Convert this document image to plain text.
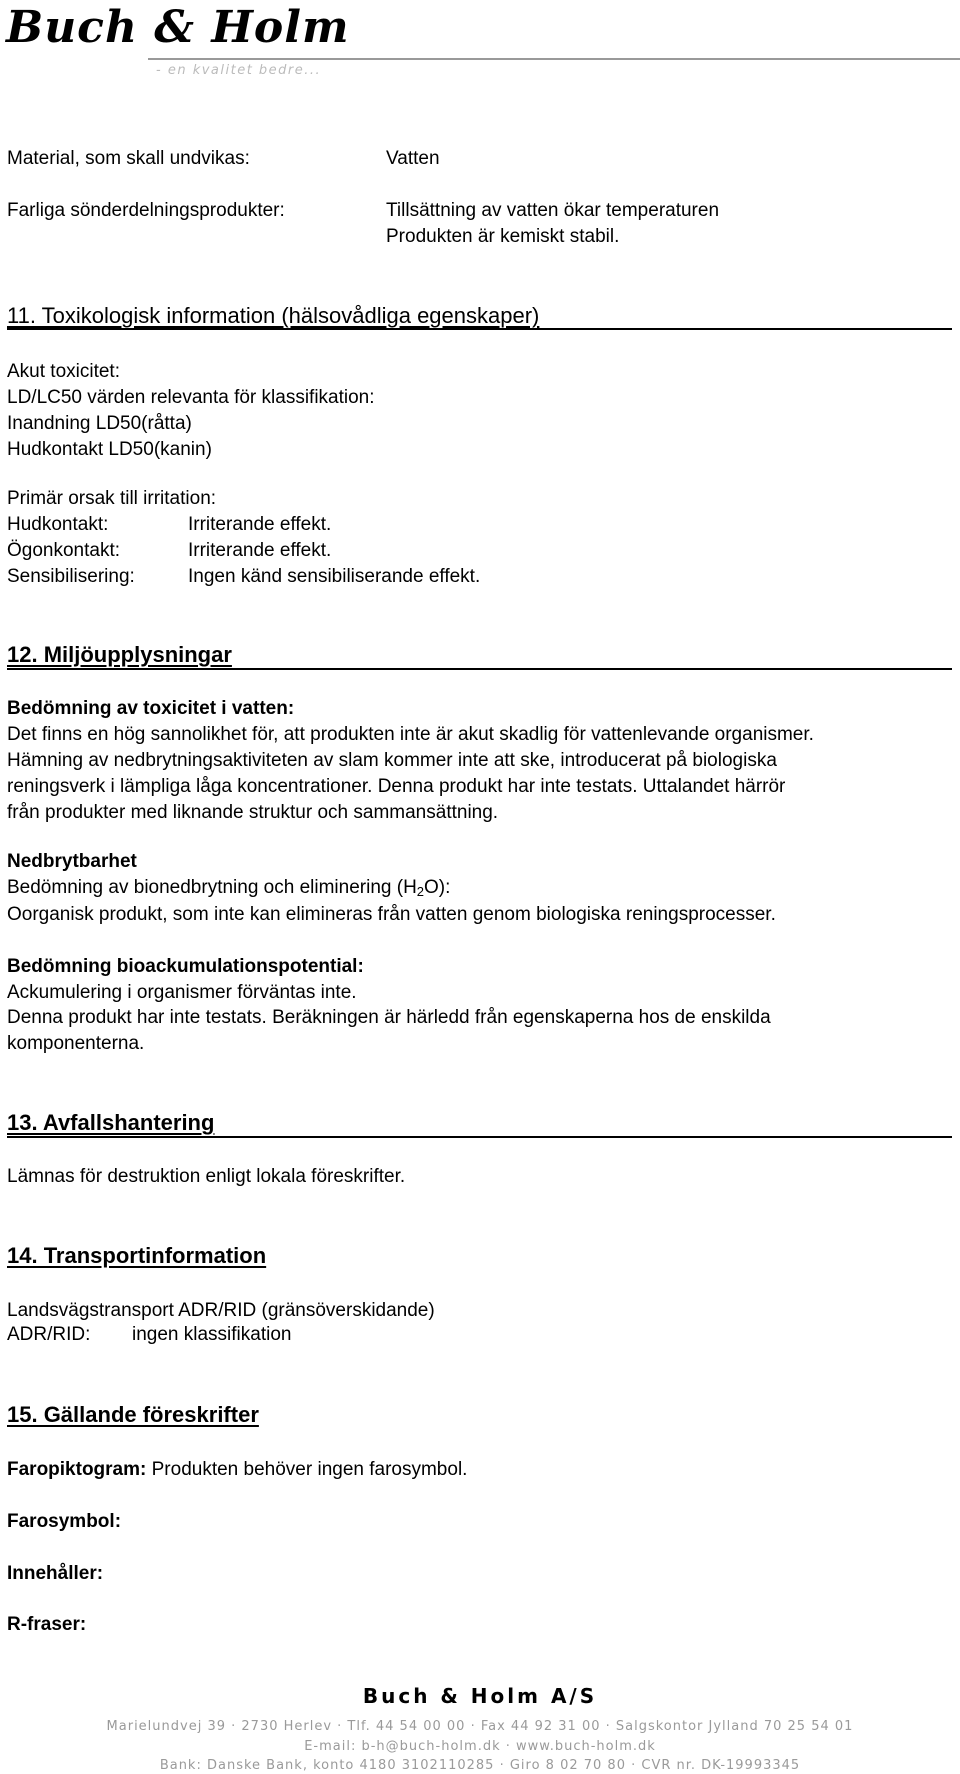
Buch & Holm
- en kvalitet bedre...
Material, som skall undvikas:	Vatten
Farliga sönderdelningsprodukter:	Tillsättning av vatten ökar temperaturen
Produkten är kemiskt stabil.
11. Toxikologisk information (hälsovådliga egenskaper)
Akut toxicitet:
LD/LC50 värden relevanta för klassifikation:
Inandning LD50(råtta)
Hudkontakt LD50(kanin)
Primär orsak till irritation:
Hudkontakt:	Irriterande effekt.
Ögonkontakt:	Irriterande effekt.
Sensibilisering:	Ingen känd sensibiliserande effekt.
12. Miljöupplysningar
Bedömning av toxicitet i vatten:
Det finns en hög sannolikhet för, att produkten inte är akut skadlig för vattenlevande organismer.
Hämning av nedbrytningsaktiviteten av slam kommer inte att ske, introducerat på biologiska
reningsverk i lämpliga låga koncentrationer. Denna produkt har inte testats. Uttalandet härrör
från produkter med liknande struktur och sammansättning.
Nedbrytbarhet
Bedömning av bionedbrytning och eliminering $(H_2O)$:
Oorganisk produkt, som inte kan elimineras från vatten genom biologiska reningsprocesser.
Bedömning bioackumulationspotential:
Ackumulering i organismer förväntas inte.
Denna produkt har inte testats. Beräkningen är härledd från egenskaperna hos de enskilda
komponenterna.
13. Avfallshantering
Lämnas för destruktion enligt lokala föreskrifter.
14. Transportinformation
Landsvägstransport ADR/RID (gränsöverskidande)
ADR/RID: ingen klassifikation
15. Gällande föreskrifter
Faropiktogram: Produkten behöver ingen farosymbol.
Farosymbol:
Innehåller:
R-fraser:
Buch & Holm A/S
Marielundvej 39 · 2730 Herlev · Tlf. 44 54 00 00 · Fax 44 92 31 00 · Salgskontor Jylland 70 25 54 01
E-mail: b-h@buch-holm.dk · www.buch-holm.dk
Bank: Danske Bank, konto 4180 3102110285 · Giro 8 02 70 80 · CVR nr. DK-19993345
